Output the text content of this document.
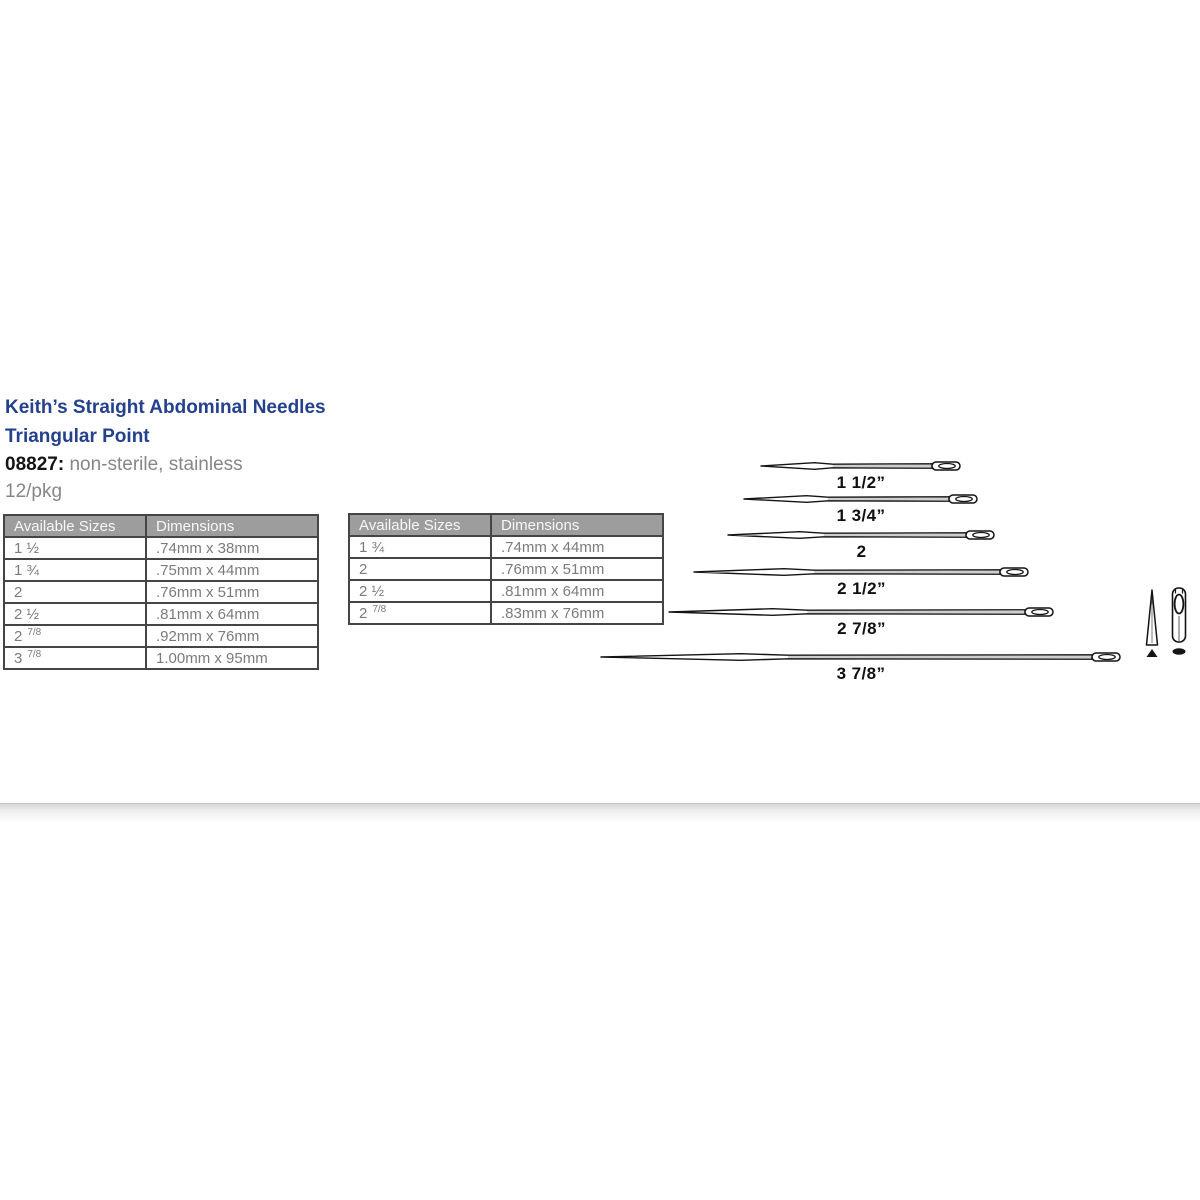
Keith’s Straight Abdominal Needles
Triangular Point
08827: non-sterile, stainless
12/pkg
Available Sizes	Dimensions
1 ½	.74mm x 38mm
1 ¾	.75mm x 44mm
2	.76mm x 51mm
2 ½	.81mm x 64mm
2 $^{7/8}$	.92mm x 76mm
3 $^{7/8}$	1.00mm x 95mm
Available Sizes	Dimensions
1 ¾	.74mm x 44mm
2	.76mm x 51mm
2 ½	.81mm x 64mm
2 $^{7/8}$	.83mm x 76mm
1 1/2”
1 3/4”
2
2 1/2”
2 7/8”
3 7/8”
